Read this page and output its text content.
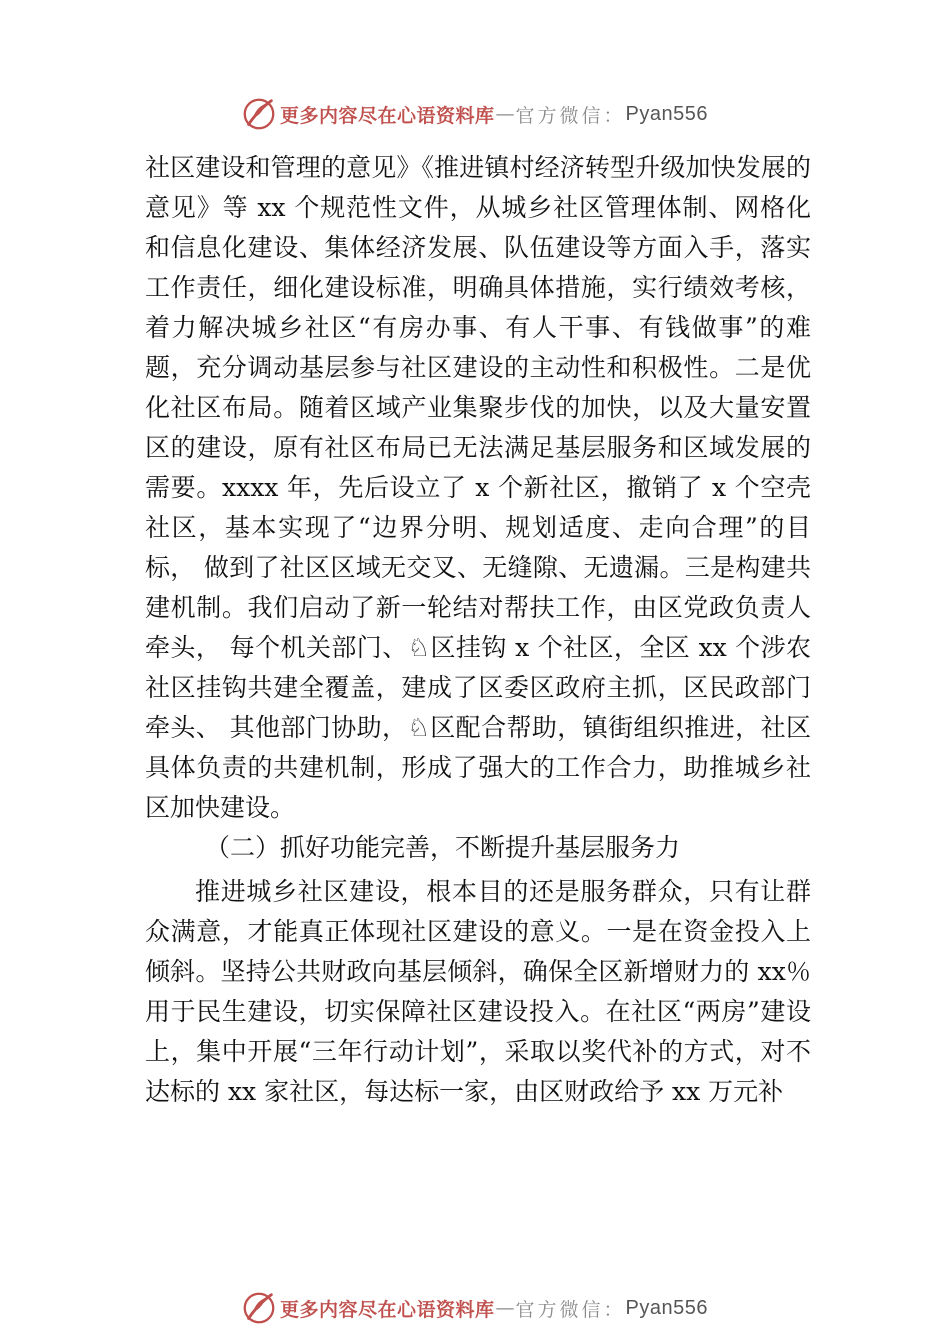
更多内容尽在心语资料库 — 官方微信： Pyan556

社区建设和管理的意见》《推进镇村经济转型升级加快发展的意见》等 xx 个规范性文件，从城乡社区管理体制、网格化和信息化建设、集体经济发展、队伍建设等方面入手，落实工作责任，细化建设标准，明确具体措施，实行绩效考核， 着力解决城乡社区“有房办事、有人干事、有钱做事”的难题，充分调动基层参与社区建设的主动性和积极性。二是优化社区布局。随着区域产业集聚步伐的加快，以及大量安置区的建设，原有社区布局已无法满足基层服务和区域发展的需要。xxxx 年，先后设立了 x 个新社区，撤销了 x 个空壳社区，基本实现了“边界分明、规划适度、走向合理”的目标， 做到了社区区域无交叉、无缝隙、无遗漏。三是构建共建机制。我们启动了新一轮结对帮扶工作，由区党政负责人牵头， 每个机关部门、♘区挂钩 x 个社区，全区 xx 个涉农社区挂钩共建全覆盖，建成了区委区政府主抓，区民政部门牵头、 其他部门协助，♘区配合帮助，镇街组织推进，社区具体负责的共建机制，形成了强大的工作合力，助推城乡社区加快建设。

（二）抓好功能完善，不断提升基层服务力

推进城乡社区建设，根本目的还是服务群众，只有让群众满意，才能真正体现社区建设的意义。一是在资金投入上倾斜。坚持公共财政向基层倾斜，确保全区新增财力的 xx％用于民生建设，切实保障社区建设投入。在社区“两房”建设上，集中开展“三年行动计划”，采取以奖代补的方式，对不达标的 xx 家社区，每达标一家，由区财政给予 xx 万元补

更多内容尽在心语资料库 — 官方微信： Pyan556
